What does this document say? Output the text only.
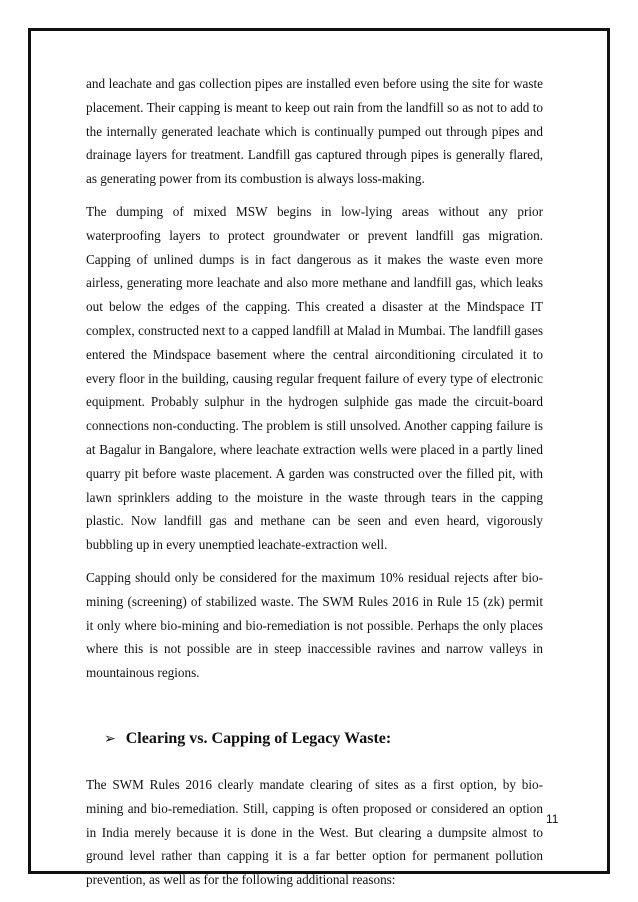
and leachate and gas collection pipes are installed even before using the site for waste placement. Their capping is meant to keep out rain from the landfill so as not to add to the internally generated leachate which is continually pumped out through pipes and drainage layers for treatment. Landfill gas captured through pipes is generally flared, as generating power from its combustion is always loss-making.

The dumping of mixed MSW begins in low-lying areas without any prior waterproofing layers to protect groundwater or prevent landfill gas migration. Capping of unlined dumps is in fact dangerous as it makes the waste even more airless, generating more leachate and also more methane and landfill gas, which leaks out below the edges of the capping. This created a disaster at the Mindspace IT complex, constructed next to a capped landfill at Malad in Mumbai. The landfill gases entered the Mindspace basement where the central airconditioning circulated it to every floor in the building, causing regular frequent failure of every type of electronic equipment. Probably sulphur in the hydrogen sulphide gas made the circuit-board connections non-conducting. The problem is still unsolved. Another capping failure is at Bagalur in Bangalore, where leachate extraction wells were placed in a partly lined quarry pit before waste placement. A garden was constructed over the filled pit, with lawn sprinklers adding to the moisture in the waste through tears in the capping plastic. Now landfill gas and methane can be seen and even heard, vigorously bubbling up in every unemptied leachate-extraction well.

Capping should only be considered for the maximum 10% residual rejects after bio-mining (screening) of stabilized waste. The SWM Rules 2016 in Rule 15 (zk) permit it only where bio-mining and bio-remediation is not possible. Perhaps the only places where this is not possible are in steep inaccessible ravines and narrow valleys in mountainous regions.

➢ Clearing vs. Capping of Legacy Waste:

The SWM Rules 2016 clearly mandate clearing of sites as a first option, by bio-mining and bio-remediation. Still, capping is often proposed or considered an option in India merely because it is done in the West. But clearing a dumpsite almost to ground level rather than capping it is a far better option for permanent pollution prevention, as well as for the following additional reasons:

11
